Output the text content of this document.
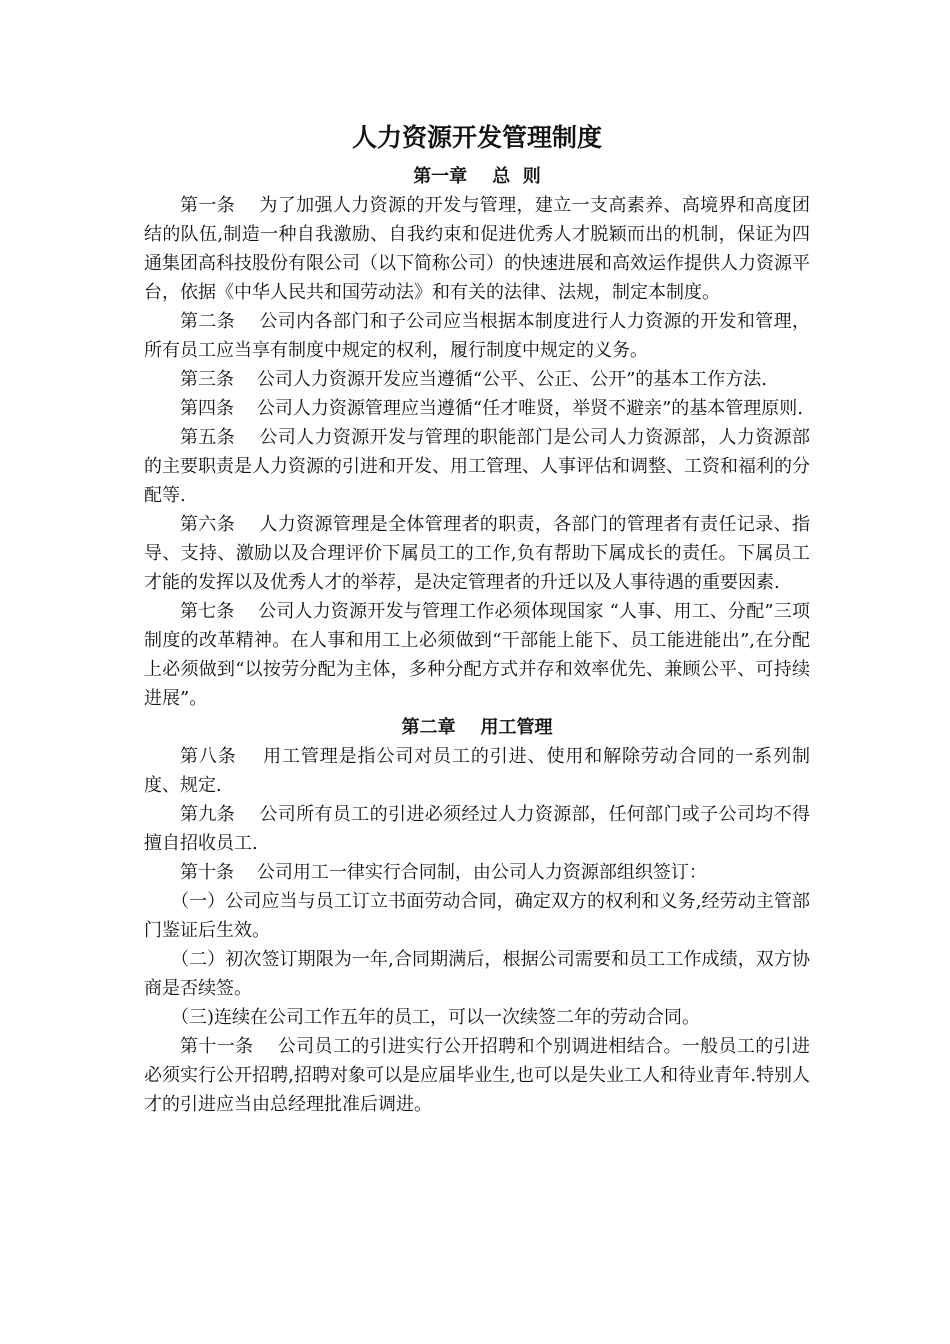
人力资源开发管理制度
第一章    总  则

第一条    为了加强人力资源的开发与管理，建立一支高素养、高境界和高度团结的队伍,制造一种自我激励、自我约束和促进优秀人才脱颖而出的机制，保证为四通集团高科技股份有限公司（以下简称公司）的快速进展和高效运作提供人力资源平台，依据《中华人民共和国劳动法》和有关的法律、法规，制定本制度。

第二条    公司内各部门和子公司应当根据本制度进行人力资源的开发和管理，所有员工应当享有制度中规定的权利，履行制度中规定的义务。

第三条    公司人力资源开发应当遵循“公平、公正、公开”的基本工作方法.

第四条    公司人力资源管理应当遵循“任才唯贤，举贤不避亲”的基本管理原则.

第五条    公司人力资源开发与管理的职能部门是公司人力资源部，人力资源部的主要职责是人力资源的引进和开发、用工管理、人事评估和调整、工资和福利的分配等.

第六条    人力资源管理是全体管理者的职责，各部门的管理者有责任记录、指导、支持、激励以及合理评价下属员工的工作,负有帮助下属成长的责任。下属员工才能的发挥以及优秀人才的举荐，是决定管理者的升迁以及人事待遇的重要因素.

第七条    公司人力资源开发与管理工作必须体现国家 “人事、用工、分配”三项制度的改革精神。在人事和用工上必须做到“干部能上能下、员工能进能出”,在分配上必须做到“以按劳分配为主体，多种分配方式并存和效率优先、兼顾公平、可持续进展”。

第二章    用工管理

第八条    用工管理是指公司对员工的引进、使用和解除劳动合同的一系列制度、规定.

第九条    公司所有员工的引进必须经过人力资源部，任何部门或子公司均不得擅自招收员工.

第十条    公司用工一律实行合同制，由公司人力资源部组织签订：

（一）公司应当与员工订立书面劳动合同，确定双方的权利和义务,经劳动主管部门鉴证后生效。

（二）初次签订期限为一年,合同期满后，根据公司需要和员工工作成绩，双方协商是否续签。

（三)连续在公司工作五年的员工，可以一次续签二年的劳动合同。

第十一条    公司员工的引进实行公开招聘和个别调进相结合。一般员工的引进必须实行公开招聘,招聘对象可以是应届毕业生,也可以是失业工人和待业青年.特别人才的引进应当由总经理批准后调进。
